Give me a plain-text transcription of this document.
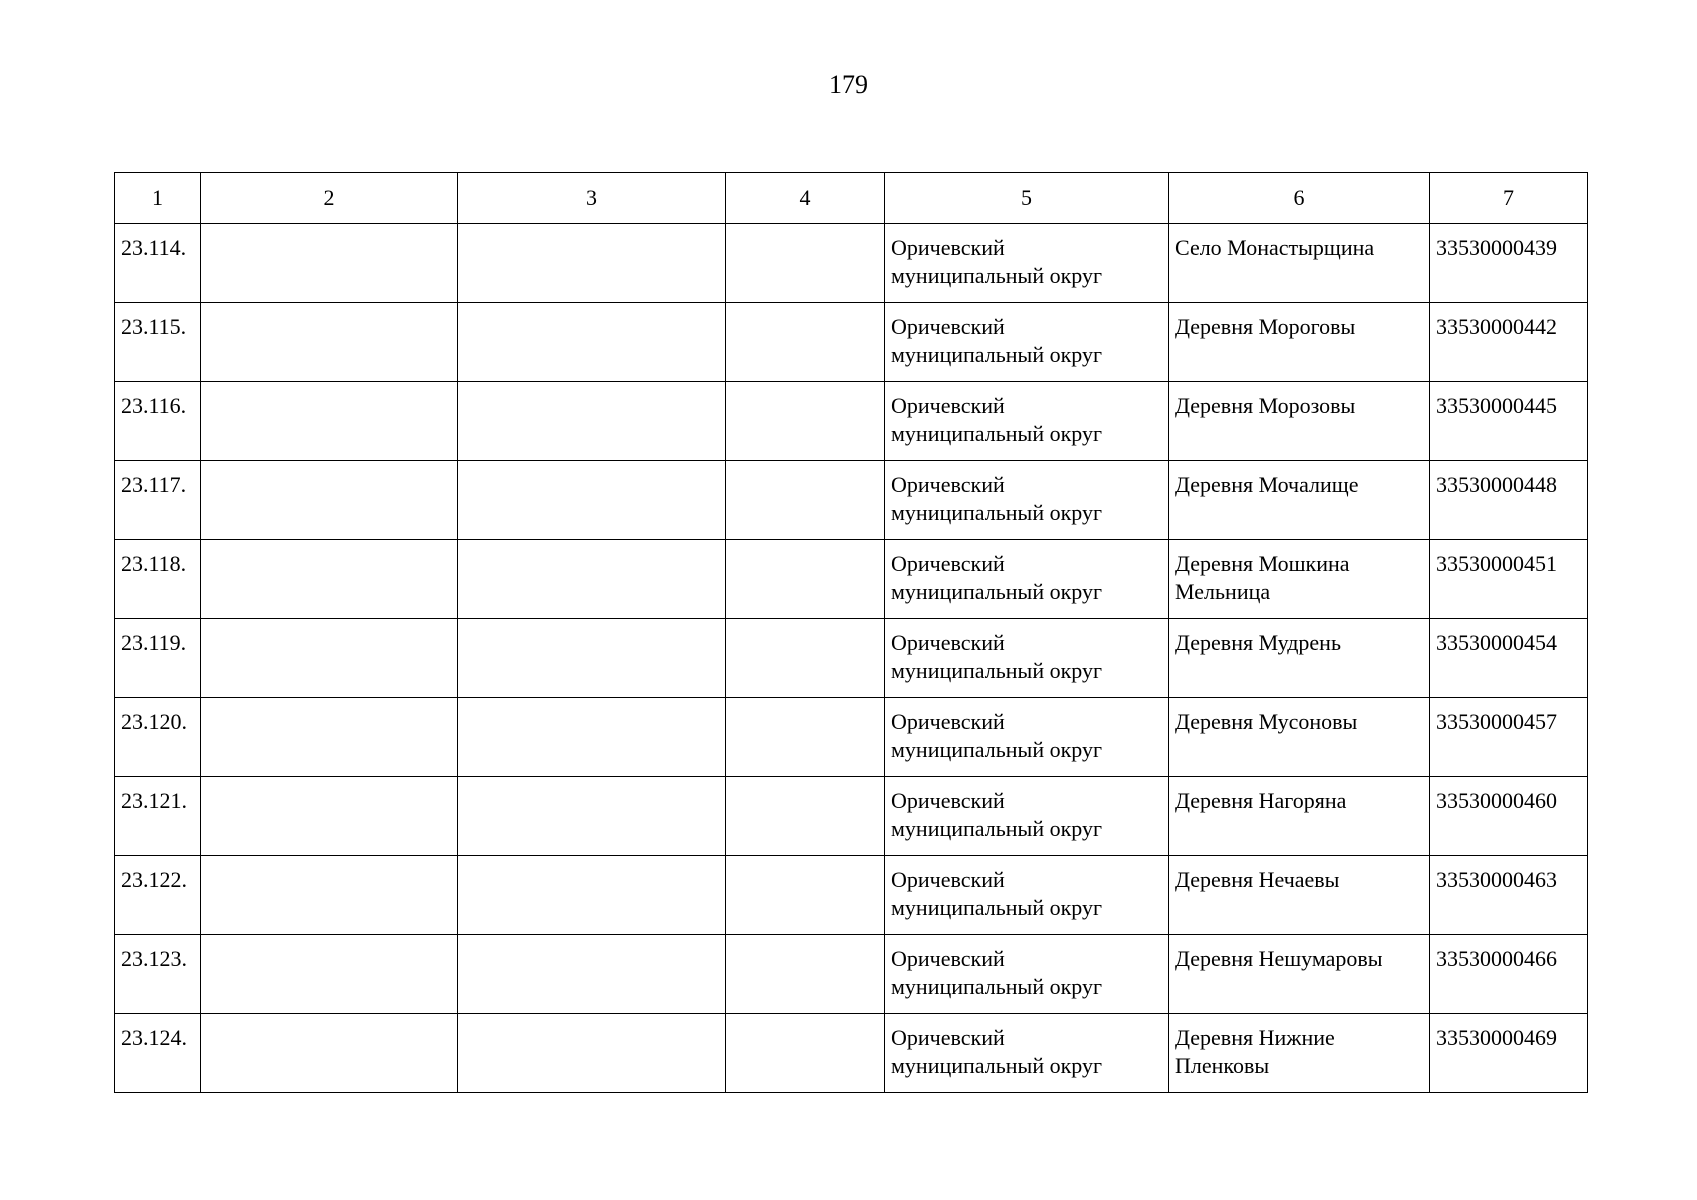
179
1	2	3	4	5	6	7
23.114.				Оричевский муниципальный округ	Село Монастырщина	33530000439
23.115.				Оричевский муниципальный округ	Деревня Мороговы	33530000442
23.116.				Оричевский муниципальный округ	Деревня Морозовы	33530000445
23.117.				Оричевский муниципальный округ	Деревня Мочалище	33530000448
23.118.				Оричевский муниципальный округ	Деревня Мошкина Мельница	33530000451
23.119.				Оричевский муниципальный округ	Деревня Мудрень	33530000454
23.120.				Оричевский муниципальный округ	Деревня Мусоновы	33530000457
23.121.				Оричевский муниципальный округ	Деревня Нагоряна	33530000460
23.122.				Оричевский муниципальный округ	Деревня Нечаевы	33530000463
23.123.				Оричевский муниципальный округ	Деревня Нешумаровы	33530000466
23.124.				Оричевский муниципальный округ	Деревня Нижние Пленковы	33530000469
